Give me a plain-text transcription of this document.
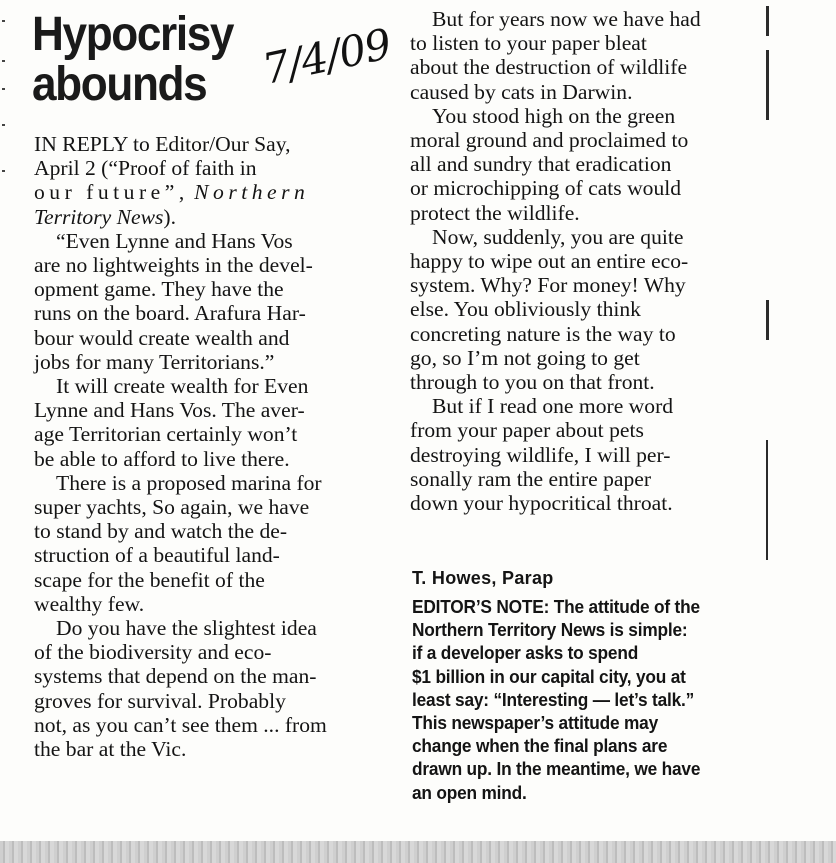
Hypocrisy
abounds	7/4/09

IN REPLY to Editor/Our Say,
April 2 (“Proof of faith in
our future”, Northern
Territory News).

“Even Lynne and Hans Vos
are no lightweights in the devel-
opment game. They have the
runs on the board. Arafura Har-
bour would create wealth and
jobs for many Territorians.”

It will create wealth for Even
Lynne and Hans Vos. The aver-
age Territorian certainly won’t
be able to afford to live there.

There is a proposed marina for
super yachts, So again, we have
to stand by and watch the de-
struction of a beautiful land-
scape for the benefit of the
wealthy few.

Do you have the slightest idea
of the biodiversity and eco-
systems that depend on the man-
groves for survival. Probably
not, as you can’t see them ... from
the bar at the Vic.

But for years now we have had
to listen to your paper bleat
about the destruction of wildlife
caused by cats in Darwin.

You stood high on the green
moral ground and proclaimed to
all and sundry that eradication
or microchipping of cats would
protect the wildlife.

Now, suddenly, you are quite
happy to wipe out an entire eco-
system. Why? For money! Why
else. You obliviously think
concreting nature is the way to
go, so I’m not going to get
through to you on that front.

But if I read one more word
from your paper about pets
destroying wildlife, I will per-
sonally ram the entire paper
down your hypocritical throat.

T. Howes, Parap
EDITOR’S NOTE: The attitude of the
Northern Territory News is simple:
if a developer asks to spend
$1 billion in our capital city, you at
least say: “Interesting — let’s talk.”
This newspaper’s attitude may
change when the final plans are
drawn up. In the meantime, we have
an open mind.
